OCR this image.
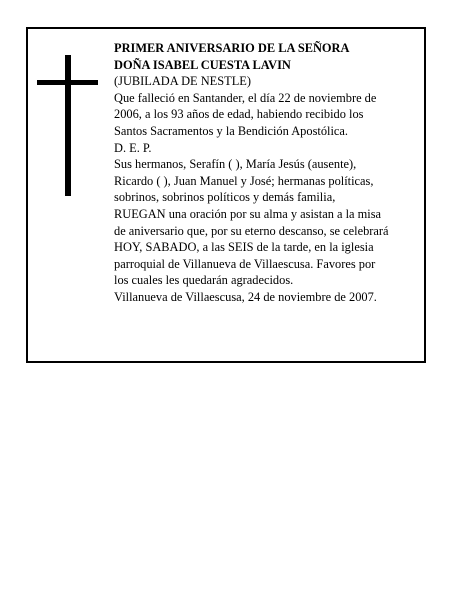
PRIMER ANIVERSARIO DE LA SEÑORA
DOÑA ISABEL CUESTA LAVIN
(JUBILADA DE NESTLE)
Que falleció en Santander, el día 22 de noviembre de
2006, a los 93 años de edad, habiendo recibido los
Santos Sacramentos y la Bendición Apostólica.
D. E. P.
Sus hermanos, Serafín ( ), María Jesús (ausente),
Ricardo ( ), Juan Manuel y José; hermanas políticas,
sobrinos, sobrinos políticos y demás familia,
RUEGAN una oración por su alma y asistan a la misa
de aniversario que, por su eterno descanso, se celebrará
HOY, SABADO, a las SEIS de la tarde, en la iglesia
parroquial de Villanueva de Villaescusa. Favores por
los cuales les quedarán agradecidos.
Villanueva de Villaescusa, 24 de noviembre de 2007.
